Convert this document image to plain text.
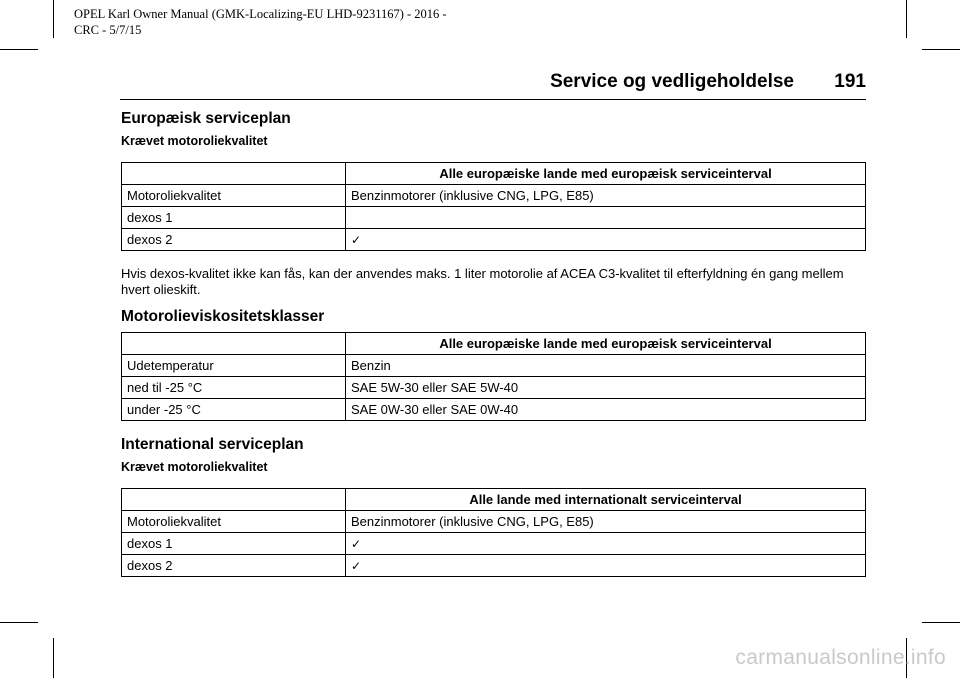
OPEL Karl Owner Manual (GMK-Localizing-EU LHD-9231167) - 2016 -
CRC - 5/7/15
Service og vedligeholdelse 191
Europæisk serviceplan
Krævet motoroliekvalitet
	Alle europæiske lande med europæisk serviceinterval
Motoroliekvalitet	Benzinmotorer (inklusive CNG, LPG, E85)
dexos 1	
dexos 2	✓
Hvis dexos-kvalitet ikke kan fås, kan der anvendes maks. 1 liter motorolie af ACEA C3-kvalitet til efterfyldning én gang mellem hvert olieskift.
Motorolieviskositetsklasser
	Alle europæiske lande med europæisk serviceinterval
Udetemperatur	Benzin
ned til -25 °C	SAE 5W-30 eller SAE 5W-40
under -25 °C	SAE 0W-30 eller SAE 0W-40
International serviceplan
Krævet motoroliekvalitet
	Alle lande med internationalt serviceinterval
Motoroliekvalitet	Benzinmotorer (inklusive CNG, LPG, E85)
dexos 1	✓
dexos 2	✓
carmanualsonline.info
